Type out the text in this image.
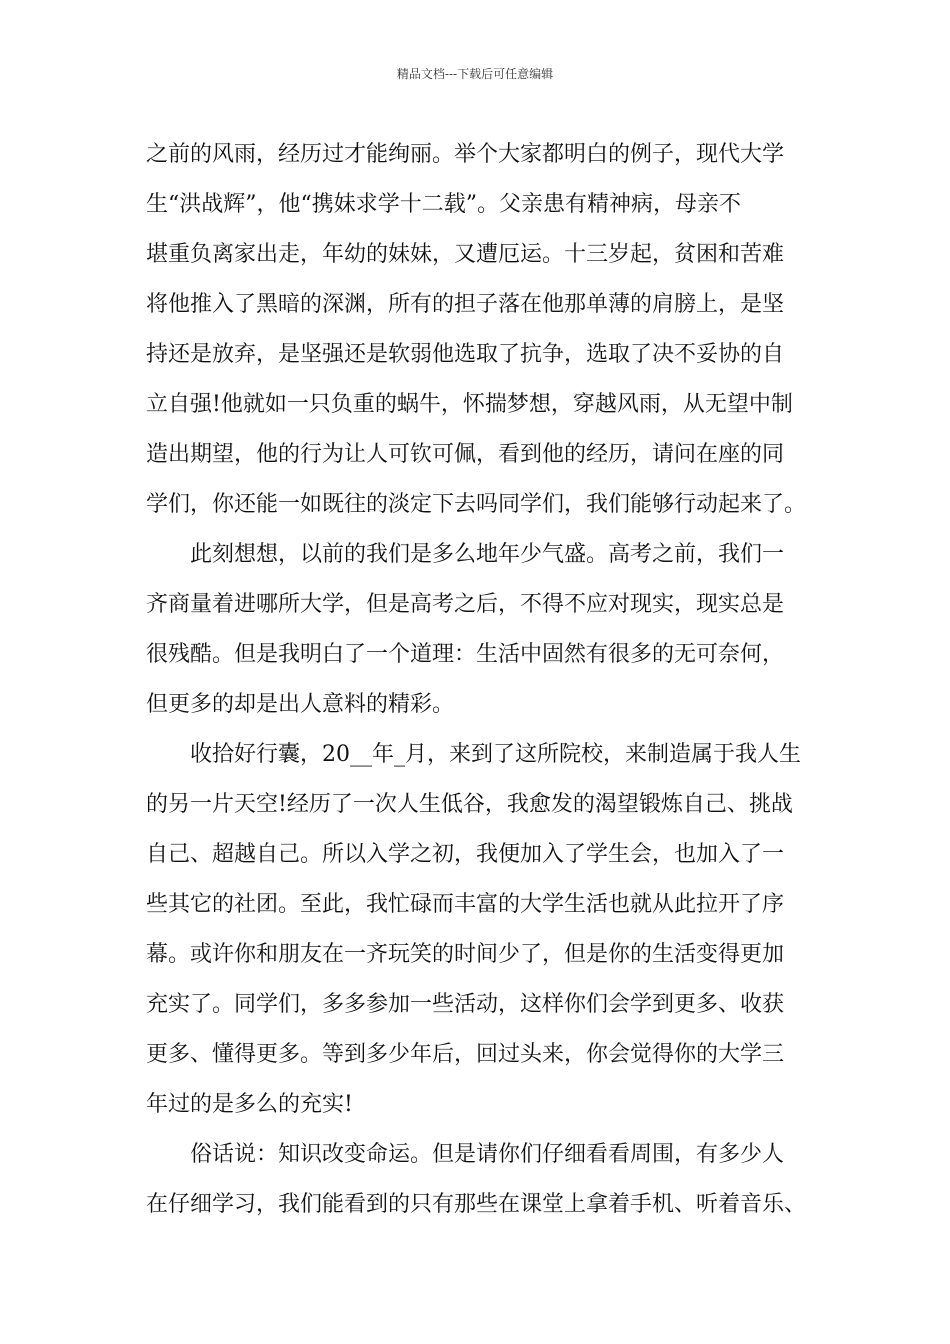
精品文档---下载后可任意编辑
之前的风雨，经历过才能绚丽。举个大家都明白的例子，现代大学
生“洪战辉”，他“携妹求学十二载”。父亲患有精神病，母亲不
堪重负离家出走，年幼的妹妹，又遭厄运。十三岁起，贫困和苦难
将他推入了黑暗的深渊，所有的担子落在他那单薄的肩膀上，是坚
持还是放弃，是坚强还是软弱他选取了抗争，选取了决不妥协的自
立自强!他就如一只负重的蜗牛，怀揣梦想，穿越风雨，从无望中制
造出期望，他的行为让人可钦可佩，看到他的经历，请问在座的同
学们，你还能一如既往的淡定下去吗同学们，我们能够行动起来了。
此刻想想，以前的我们是多么地年少气盛。高考之前，我们一
齐商量着进哪所大学，但是高考之后，不得不应对现实，现实总是
很残酷。但是我明白了一个道理：生活中固然有很多的无可奈何，
但更多的却是出人意料的精彩。
收拾好行囊，20__年_月，来到了这所院校，来制造属于我人生
的另一片天空!经历了一次人生低谷，我愈发的渴望锻炼自己、挑战
自己、超越自己。所以入学之初，我便加入了学生会，也加入了一
些其它的社团。至此，我忙碌而丰富的大学生活也就从此拉开了序
幕。或许你和朋友在一齐玩笑的时间少了，但是你的生活变得更加
充实了。同学们，多多参加一些活动，这样你们会学到更多、收获
更多、懂得更多。等到多少年后，回过头来，你会觉得你的大学三
年过的是多么的充实!
俗话说：知识改变命运。但是请你们仔细看看周围，有多少人
在仔细学习，我们能看到的只有那些在课堂上拿着手机、听着音乐、
